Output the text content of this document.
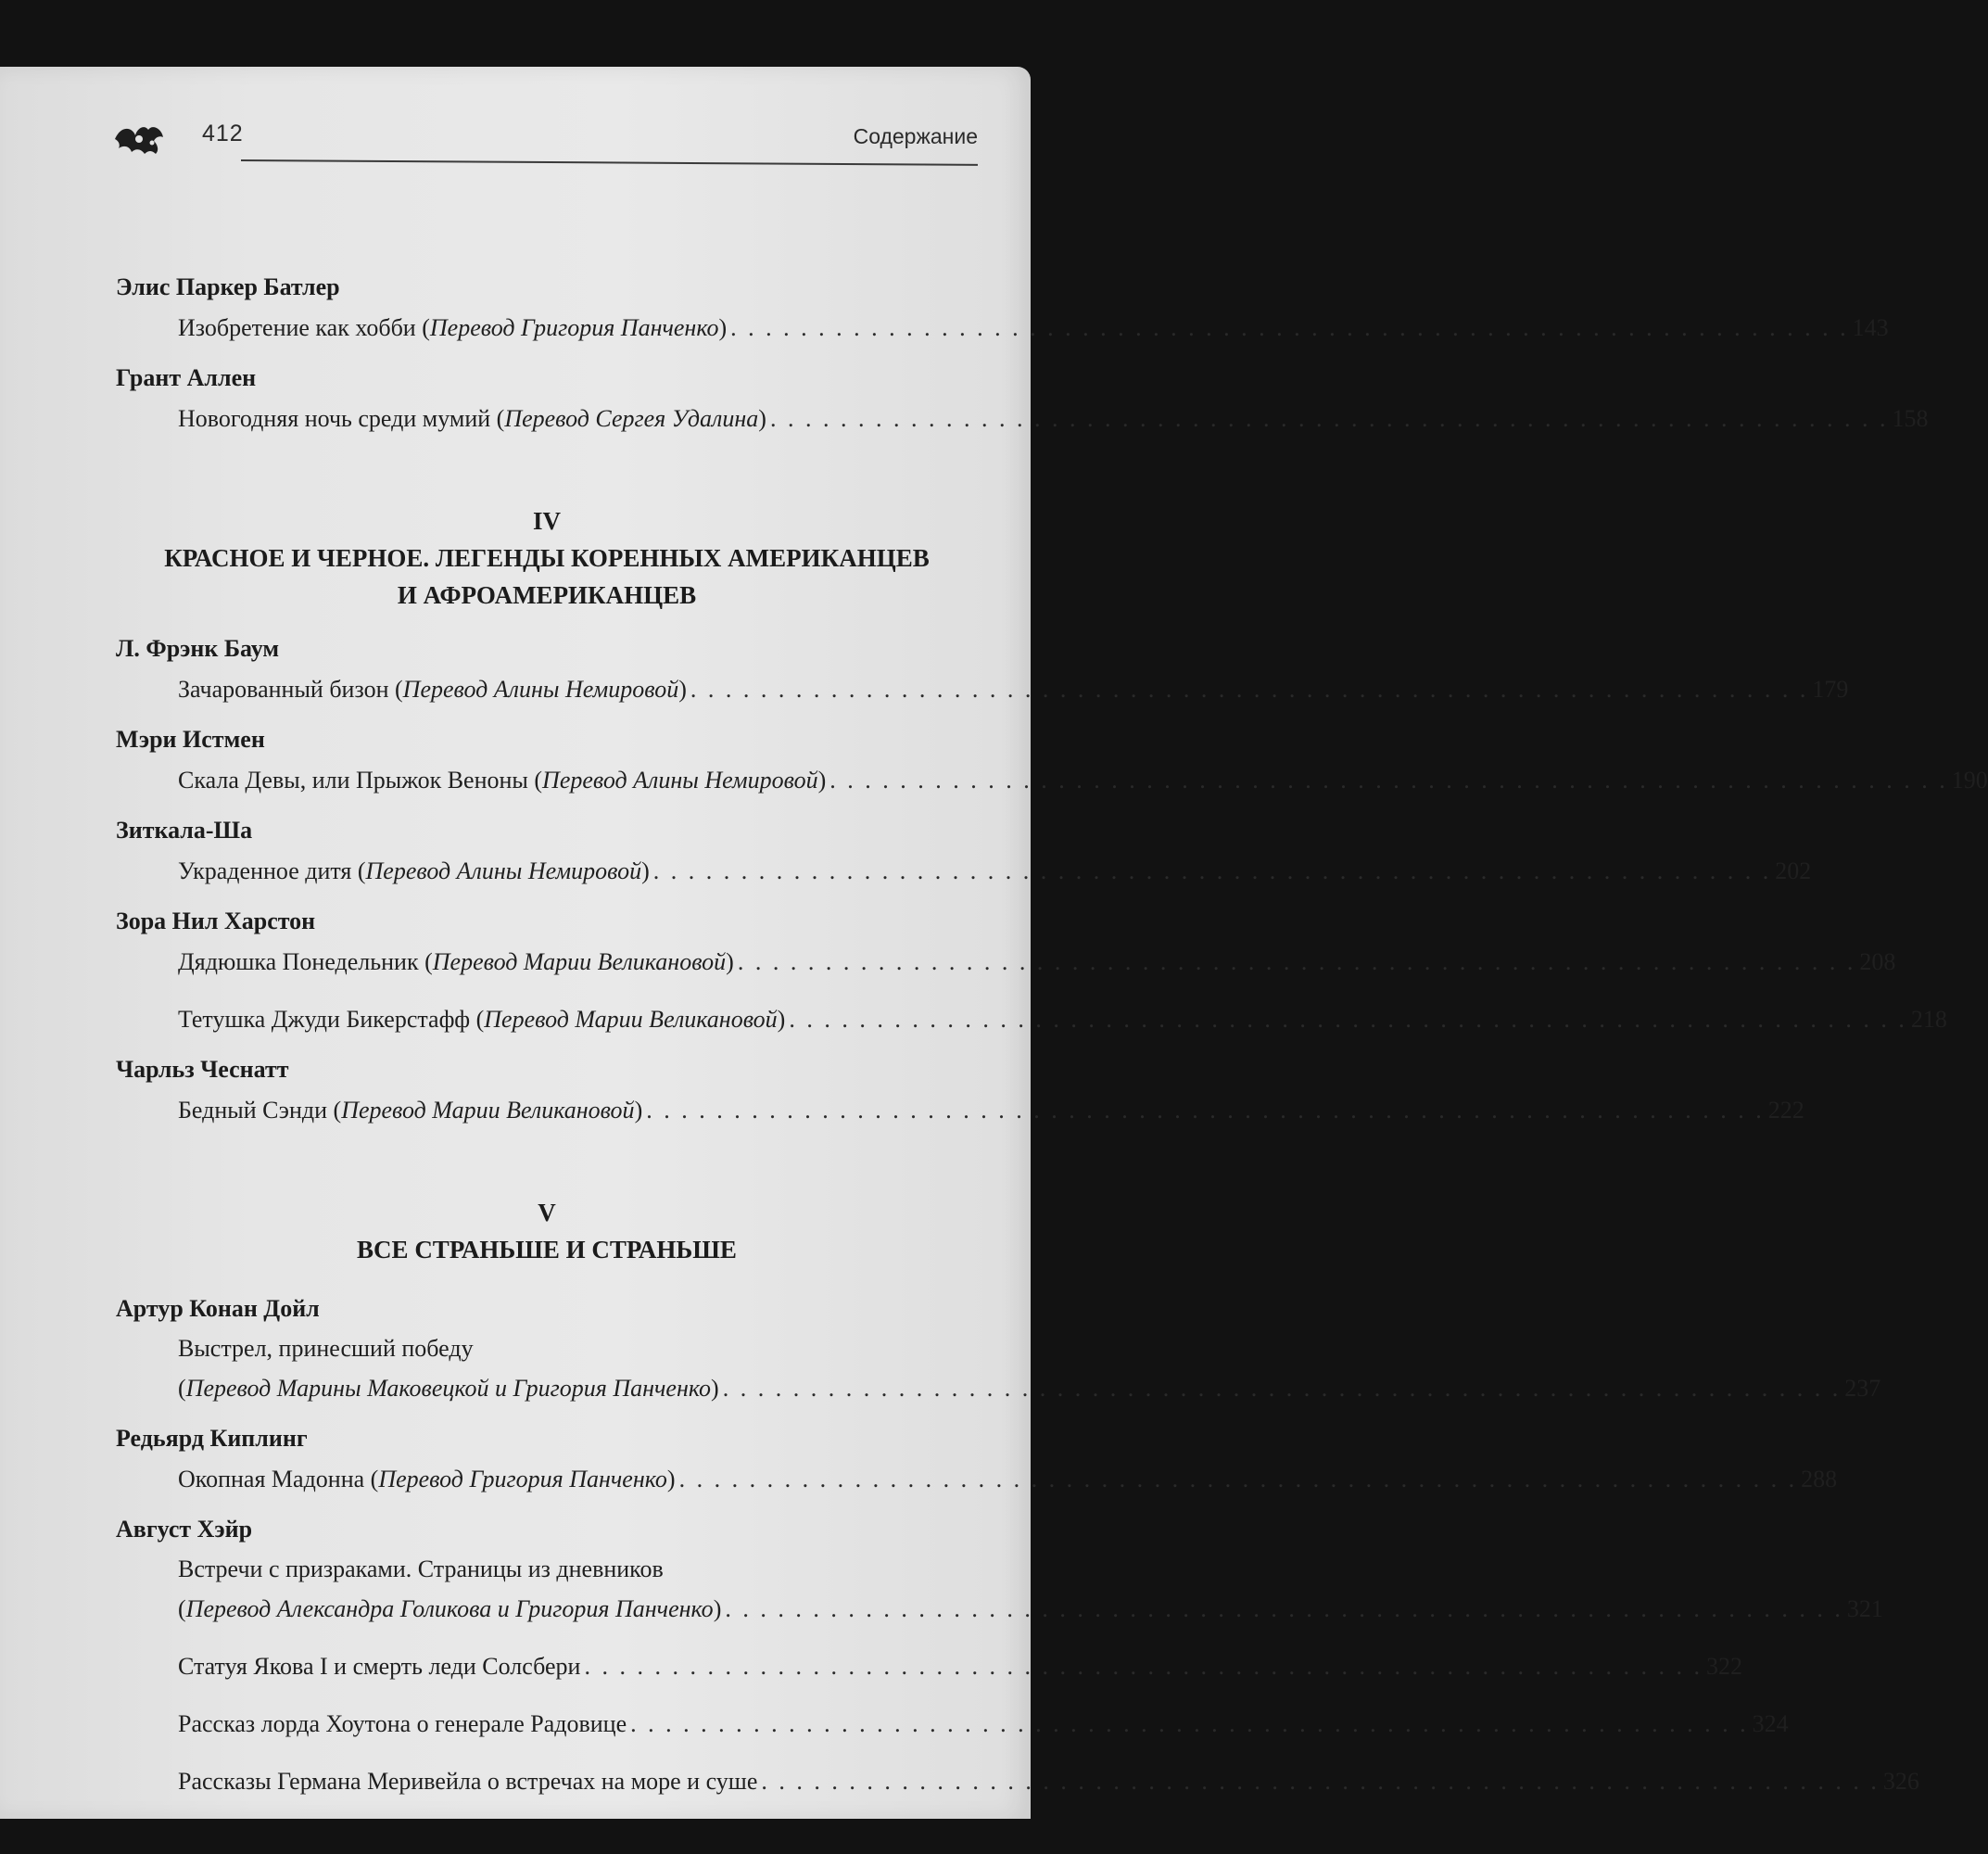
412	Содержание
Элис Паркер Батлер
Изобретение как хобби (Перевод Григория Панченко) . . . . . . . . . . . . . . . . . . . . . . . . . . . . . . . . . . . . . . . . . . . . . . . . . . . . . . . . . . . . . . . . 143
Грант Аллен
Новогодняя ночь среди мумий (Перевод Сергея Удалина) . . . . . . . . . . . . . . . . . . . . . . . . . . . . . . . . . . . . . . . . . . . . . . . . . . . . . . . . . . . . . . . . 158
IV
КРАСНОЕ И ЧЕРНОЕ. ЛЕГЕНДЫ КОРЕННЫХ АМЕРИКАНЦЕВ
И АФРОАМЕРИКАНЦЕВ
Л. Фрэнк Баум
Зачарованный бизон (Перевод Алины Немировой) . . . . . . . . . . . . . . . . . . . . . . . . . . . . . . . . . . . . . . . . . . . . . . . . . . . . . . . . . . . . . . . . 179
Мэри Истмен
Скала Девы, или Прыжок Веноны (Перевод Алины Немировой) . . . . . . . . . . . . . . . . . . . . . . . . . . . . . . . . . . . . . . . . . . . . . . . . . . . . . . . . . . . . . . . . 190
Зиткала-Ша
Украденное дитя (Перевод Алины Немировой) . . . . . . . . . . . . . . . . . . . . . . . . . . . . . . . . . . . . . . . . . . . . . . . . . . . . . . . . . . . . . . . . 202
Зора Нил Харстон
Дядюшка Понедельник (Перевод Марии Великановой) . . . . . . . . . . . . . . . . . . . . . . . . . . . . . . . . . . . . . . . . . . . . . . . . . . . . . . . . . . . . . . . . 208
Тетушка Джуди Бикерстафф (Перевод Марии Великановой) . . . . . . . . . . . . . . . . . . . . . . . . . . . . . . . . . . . . . . . . . . . . . . . . . . . . . . . . . . . . . . . . 218
Чарльз Чеснатт
Бедный Сэнди (Перевод Марии Великановой) . . . . . . . . . . . . . . . . . . . . . . . . . . . . . . . . . . . . . . . . . . . . . . . . . . . . . . . . . . . . . . . . 222
V
ВСЕ СТРАНЬШЕ И СТРАНЬШЕ
Артур Конан Дойл
Выстрел, принесший победу
(Перевод Марины Маковецкой и Григория Панченко) . . . . . . . . . . . . . . . . . . . . . . . . . . . . . . . . . . . . . . . . . . . . . . . . . . . . . . . . . . . . . . . . 237
Редьярд Киплинг
Окопная Мадонна (Перевод Григория Панченко) . . . . . . . . . . . . . . . . . . . . . . . . . . . . . . . . . . . . . . . . . . . . . . . . . . . . . . . . . . . . . . . . 288
Август Хэйр
Встречи с призраками. Страницы из дневников
(Перевод Александра Голикова и Григория Панченко) . . . . . . . . . . . . . . . . . . . . . . . . . . . . . . . . . . . . . . . . . . . . . . . . . . . . . . . . . . . . . . . . 321
Статуя Якова I и смерть леди Солсбери . . . . . . . . . . . . . . . . . . . . . . . . . . . . . . . . . . . . . . . . . . . . . . . . . . . . . . . . . . . . . . . . 322
Рассказ лорда Хоутона о генерале Радовице . . . . . . . . . . . . . . . . . . . . . . . . . . . . . . . . . . . . . . . . . . . . . . . . . . . . . . . . . . . . . . . . 324
Рассказы Германа Меривейла о встречах на море и суше . . . . . . . . . . . . . . . . . . . . . . . . . . . . . . . . . . . . . . . . . . . . . . . . . . . . . . . . . . . . . . . . 326
